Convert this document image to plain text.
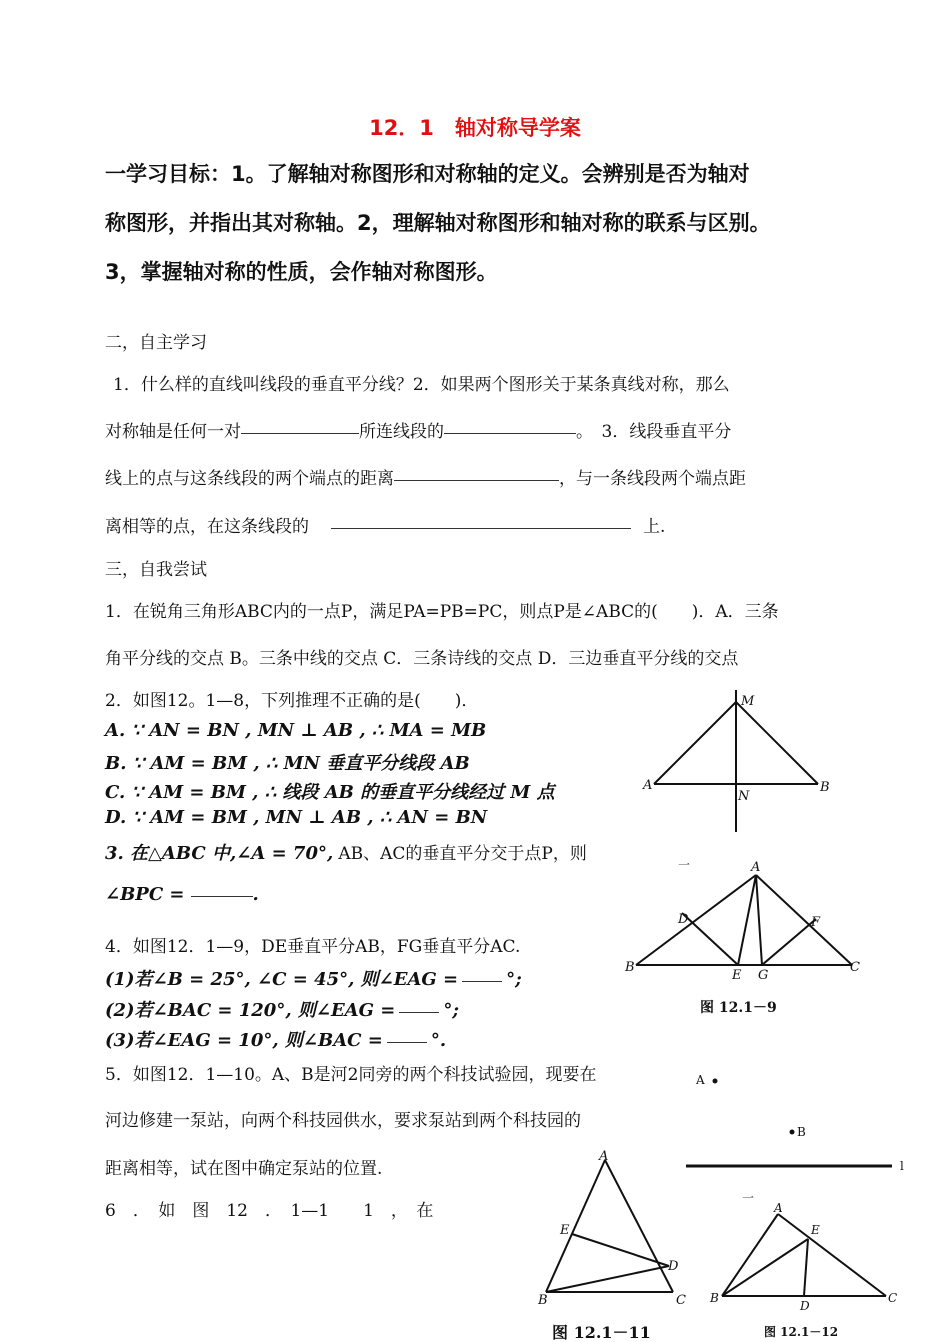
12．1　轴对称导学案
一学习目标：1。了解轴对称图形和对称轴的定义。会辨别是否为轴对
称图形，并指出其对称轴。2，理解轴对称图形和轴对称的联系与区别。
3，掌握轴对称的性质，会作轴对称图形。
二，自主学习
1．什么样的直线叫线段的垂直平分线？2．如果两个图形关于某条真线对称，那么
对称轴是任何一对	所连线段的	。　3．线段垂直平分
线上的点与这条线段的两个端点的距离	，与一条线段两个端点距
离相等的点，在这条线段的	上.
三，自我尝试
1．在锐角三角形ABC内的一点P，满足PA=PB=PC，则点P是∠ABC的(　　)．A．三条
角平分线的交点 B。三条中线的交点 C．三条诗线的交点 D．三边垂直平分线的交点
2．如图12。1—8，下列推理不正确的是(　　)．
A. ∵ AN = BN , MN ⊥ AB , ∴ MA = MB
B. ∵ AM = BM , ∴ MN 垂直平分线段 AB
C. ∵ AM = BM , ∴ 线段 AB 的垂直平分线经过 M 点
D. ∵ AM = BM , MN ⊥ AB , ∴ AN = BN
3. 在△ABC 中,∠A = 70°, AB、AC的垂直平分交于点P，则
∠BPC =	.
4．如图12．1—9，DE垂直平分AB，FG垂直平分AC.
(1)若∠B = 25°, ∠C = 45°, 则∠EAG =	°;
(2)若∠BAC = 120°, 则∠EAG =	°;
(3)若∠EAG = 10°, 则∠BAC =	°.
5．如图12．1—10。A、B是河2同旁的两个科技试验园，现要在
河边修建一泵站，向两个科技园供水，要求泵站到两个科技园的
距离相等，试在图中确定泵站的位置.
6　．　如　图　12　．　1—1　　1　，　在
M
A
N
B
一	A
D	F
B
E G
C
图 12.1－9
A
B
l
A
E
D
B	C
图 12.1－11
一
A
E
B
D
C
图 12.1－12
